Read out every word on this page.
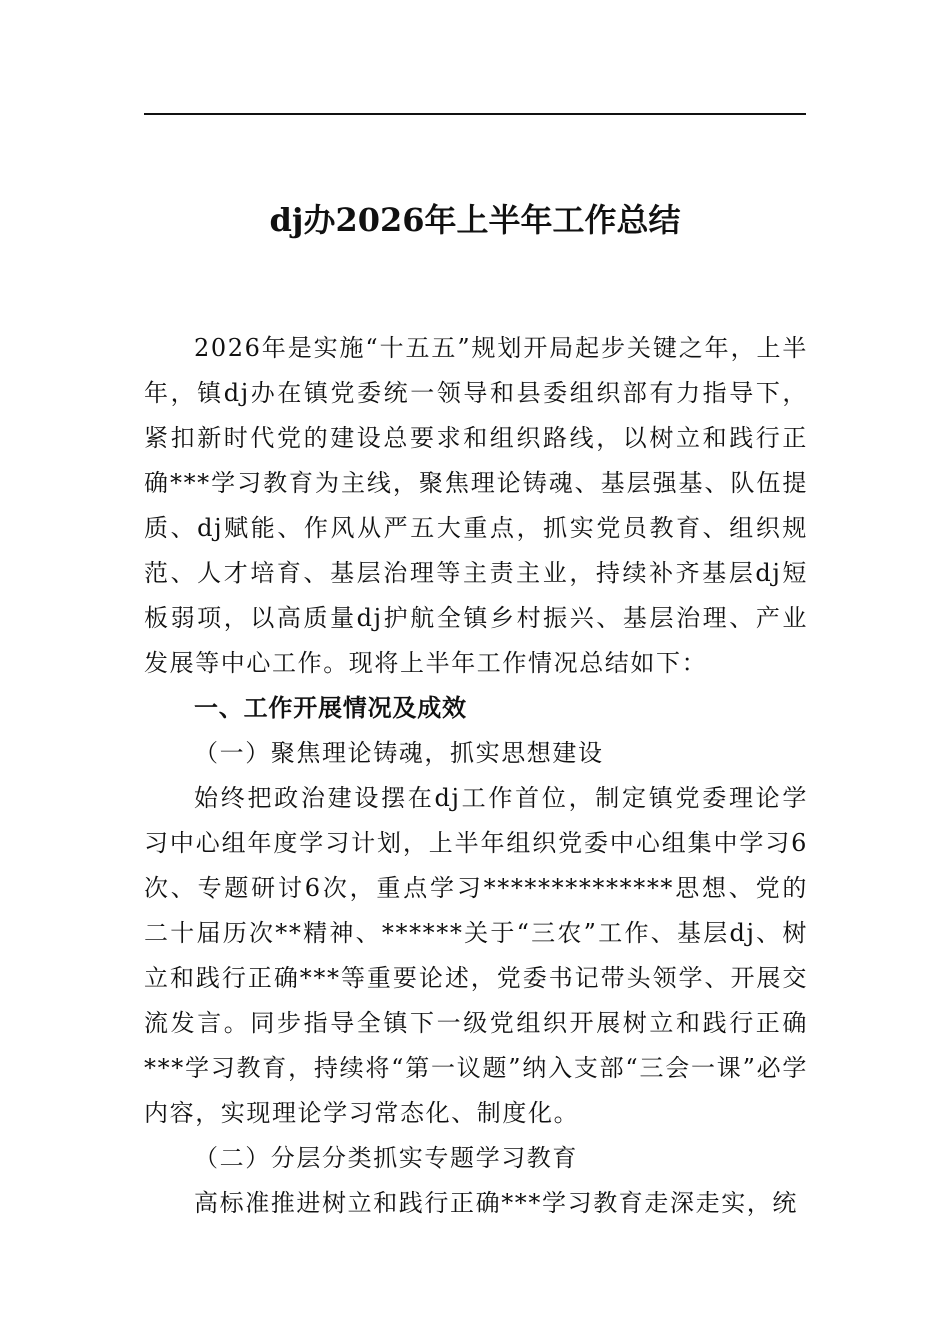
dj办2026年上半年工作总结

2026年是实施“十五五”规划开局起步关键之年，上半年，镇dj办在镇党委统一领导和县委组织部有力指导下，紧扣新时代党的建设总要求和组织路线，以树立和践行正确***学习教育为主线，聚焦理论铸魂、基层强基、队伍提质、dj赋能、作风从严五大重点，抓实党员教育、组织规范、人才培育、基层治理等主责主业，持续补齐基层dj短板弱项，以高质量dj护航全镇乡村振兴、基层治理、产业发展等中心工作。现将上半年工作情况总结如下：

一、工作开展情况及成效

（一）聚焦理论铸魂，抓实思想建设

始终把政治建设摆在dj工作首位，制定镇党委理论学习中心组年度学习计划，上半年组织党委中心组集中学习6次、专题研讨6次，重点学习**************思想、党的二十届历次**精神、******关于“三农”工作、基层dj、树立和践行正确***等重要论述，党委书记带头领学、开展交流发言。同步指导全镇下一级党组织开展树立和践行正确***学习教育，持续将“第一议题”纳入支部“三会一课”必学内容，实现理论学习常态化、制度化。

（二）分层分类抓实专题学习教育

高标准推进树立和践行正确***学习教育走深走实，统
